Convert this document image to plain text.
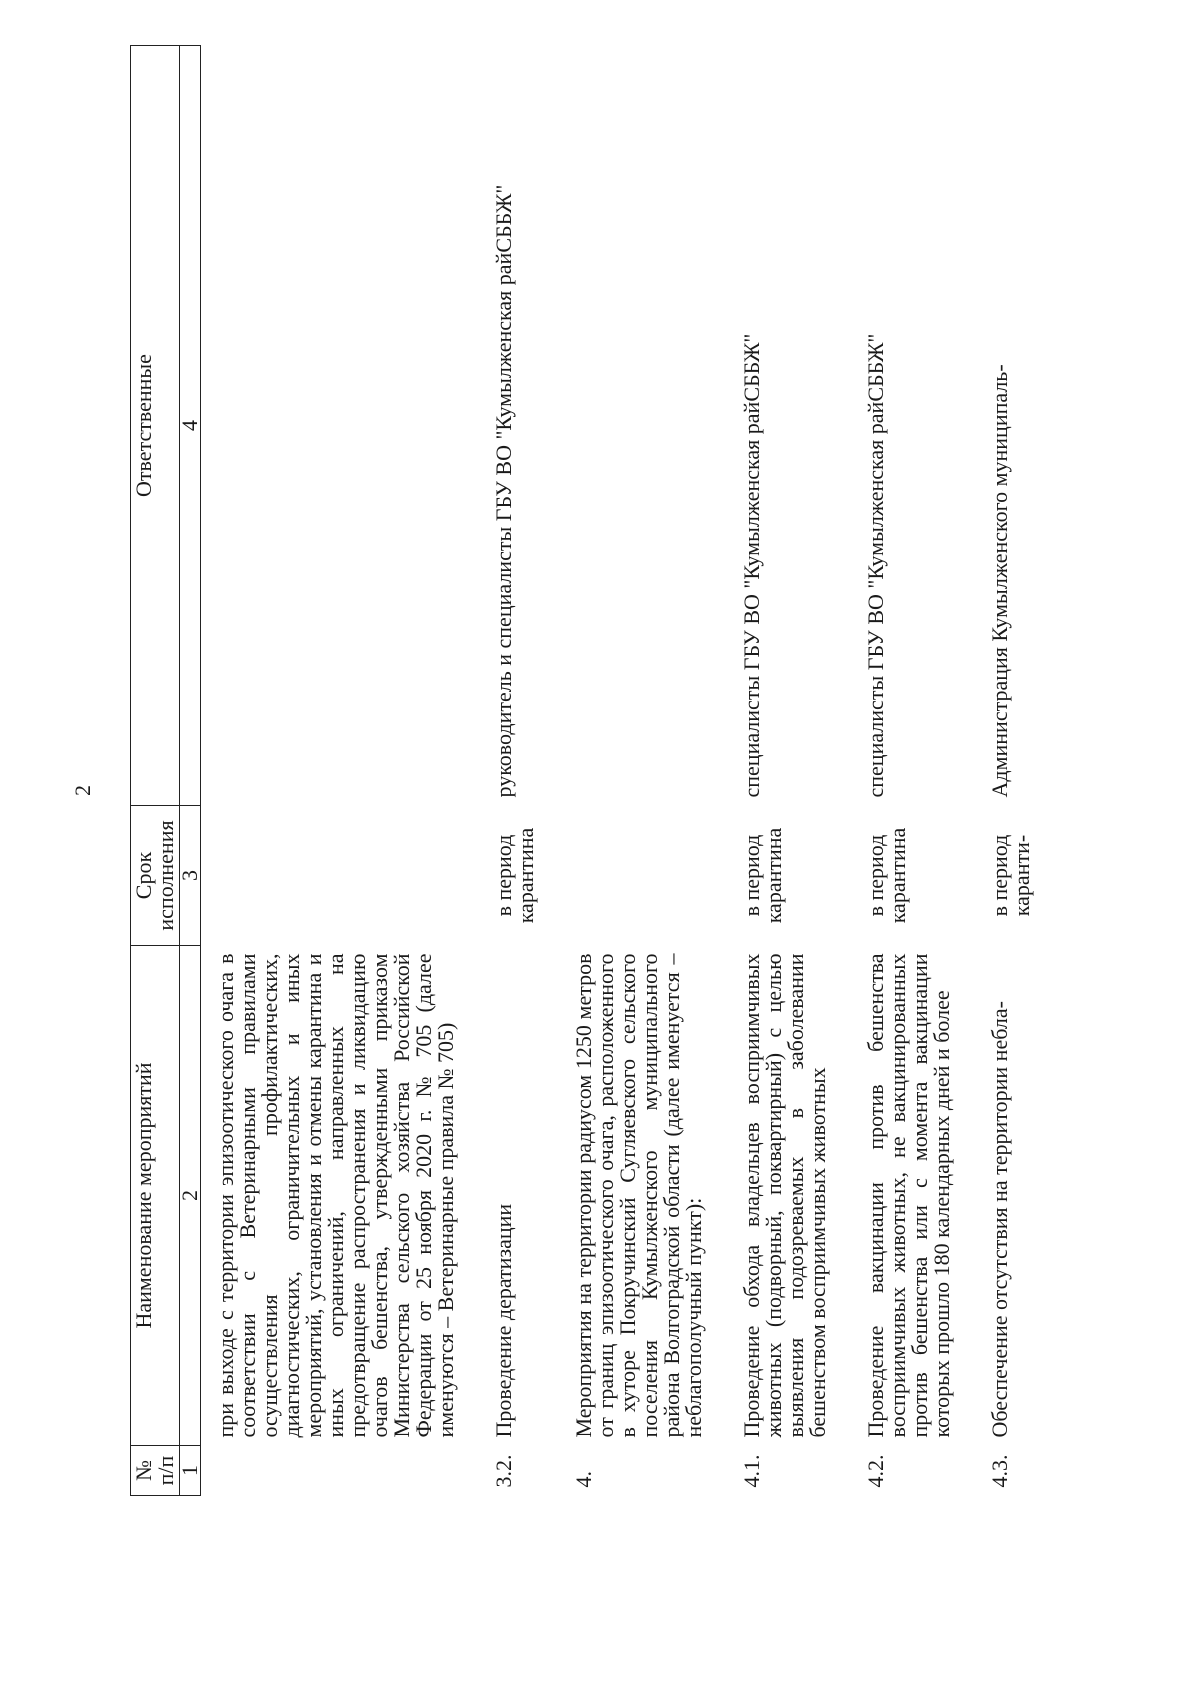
2
№ п/п	Наименование мероприятий	Срок исполнения	Ответственные
1	2	3	4
	при выходе с территории эпизоотического очага в соответствии с Ветеринарными правилами осуществления профилактических, диагностических, ограничительных и иных мероприятий, установления и отмены карантина и иных ограничений, направленных на предотвращение распространения и ликвидацию очагов бешенства, утвержденными приказом Министерства сельского хозяйства Российской Федерации от 25 ноября 2020 г. № 705 (далее именуются – Ветеринарные правила № 705)		
3.2.	Проведение дератизации	в период карантина	руководитель и специалисты ГБУ ВО "Кумылженская райСББЖ"
4.	Мероприятия на территории радиусом 1250 метров от границ эпизоотического очага, расположенного в хуторе Покручинский Сугляевского сельского поселения Кумылженского муниципального района Волгоградской области (далее именуется – неблагополучный пункт):		
4.1.	Проведение обхода владельцев восприимчивых животных (подворный, поквартирный) с целью выявления подозреваемых в заболевании бешенством восприимчивых животных	в период карантина	специалисты ГБУ ВО "Кумылженская райСББЖ"
4.2.	Проведение вакцинации против бешенства восприимчивых животных, не вакцинированных против бешенства или с момента вакцинации которых прошло 180 календарных дней и более	в период карантина	специалисты ГБУ ВО "Кумылженская райСББЖ"
4.3.	Обеспечение отсутствия на территории небла-	в период каранти-	Администрация Кумылженского муниципаль-
